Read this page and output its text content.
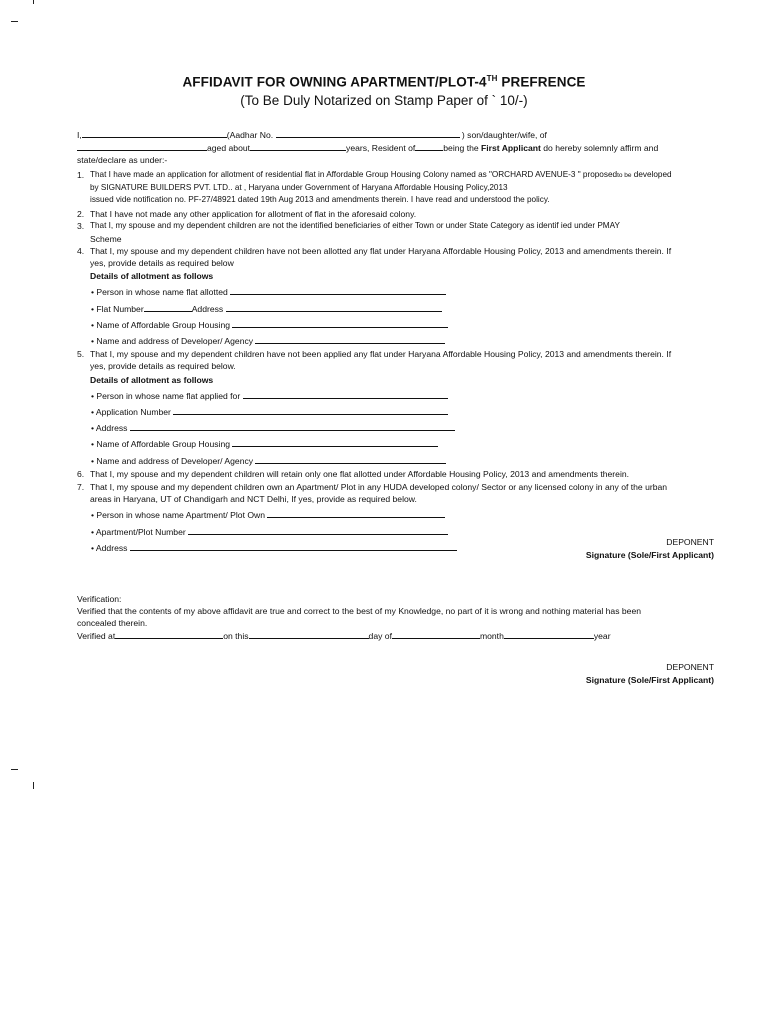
AFFIDAVIT FOR OWNING APARTMENT/PLOT-4TH PREFRENCE
(To Be Duly Notarized on Stamp Paper of ` 10/-)
I,	(Aadhar No.	) son/daughter/wife, of
aged about	years, Resident of	being the First Applicant do hereby solemnly affirm and
state/declare as under:-
1. That I have made an application for allotment of residential flat in Affordable Group Housing Colony named as "ORCHARD AVENUE-3 " proposedto be developed
by SIGNATURE BUILDERS PVT. LTD.. at , Haryana under Government of Haryana Affordable Housing Policy,2013
issued vide notification no. PF-27/48921 dated 19th Aug 2013 and amendments therein. I have read and understood the policy.
2. That I have not made any other application for allotment of flat in the aforesaid colony.
3. That I, my spouse and my dependent children are not the identified beneficiaries of either Town or under State Category as identif ied under PMAY
Scheme
4. That I, my spouse and my dependent children have not been allotted any flat under Haryana Affordable Housing Policy, 2013 and amendments therein. If
yes, provide details as required below
Details of allotment as follows
• Person in whose name flat allotted
• Flat Number	Address
• Name of Affordable Group Housing
• Name and address of Developer/ Agency
5. That I, my spouse and my dependent children have not been applied any flat under Haryana Affordable Housing Policy, 2013 and amendments therein. If
yes, provide details as required below.
Details of allotment as follows
• Person in whose name flat applied for
• Application Number
• Address
• Name of Affordable Group Housing
• Name and address of Developer/ Agency
6. That I, my spouse and my dependent children will retain only one flat allotted under Affordable Housing Policy, 2013 and amendments therein.
7. That I, my spouse and my dependent children own an Apartment/ Plot in any HUDA developed colony/ Sector or any licensed colony in any of the urban
areas in Haryana, UT of Chandigarh and NCT Delhi, If yes, provide as required below.
• Person in whose name Apartment/ Plot Own
• Apartment/Plot Number
• Address
DEPONENT
Signature (Sole/First Applicant)
Verification:
Verified that the contents of my above affidavit are true and correct to the best of my Knowledge, no part of it is wrong and nothing material has been
concealed therein.
Verified at	on this	day of	month	year
DEPONENT
Signature (Sole/First Applicant)
